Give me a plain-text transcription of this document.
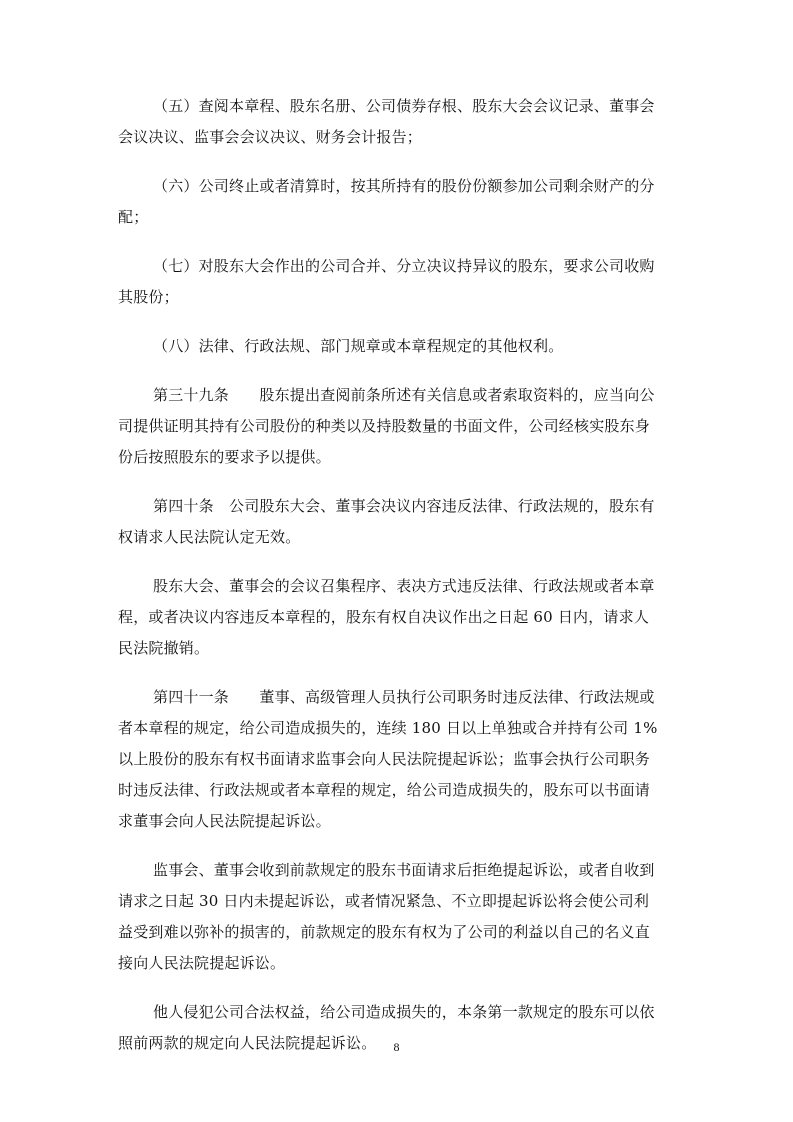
（五）查阅本章程、股东名册、公司债券存根、股东大会会议记录、董事会
会议决议、监事会会议决议、财务会计报告；

（六）公司终止或者清算时，按其所持有的股份份额参加公司剩余财产的分
配；

（七）对股东大会作出的公司合并、分立决议持异议的股东，要求公司收购
其股份；

（八）法律、行政法规、部门规章或本章程规定的其他权利。

第三十九条　　股东提出查阅前条所述有关信息或者索取资料的，应当向公
司提供证明其持有公司股份的种类以及持股数量的书面文件，公司经核实股东身
份后按照股东的要求予以提供。

第四十条　公司股东大会、董事会决议内容违反法律、行政法规的，股东有
权请求人民法院认定无效。

股东大会、董事会的会议召集程序、表决方式违反法律、行政法规或者本章
程，或者决议内容违反本章程的，股东有权自决议作出之日起 60 日内，请求人
民法院撤销。

第四十一条　　董事、高级管理人员执行公司职务时违反法律、行政法规或
者本章程的规定，给公司造成损失的，连续 180 日以上单独或合并持有公司 1%
以上股份的股东有权书面请求监事会向人民法院提起诉讼；监事会执行公司职务
时违反法律、行政法规或者本章程的规定，给公司造成损失的，股东可以书面请
求董事会向人民法院提起诉讼。

监事会、董事会收到前款规定的股东书面请求后拒绝提起诉讼，或者自收到
请求之日起 30 日内未提起诉讼，或者情况紧急、不立即提起诉讼将会使公司利
益受到难以弥补的损害的，前款规定的股东有权为了公司的利益以自己的名义直
接向人民法院提起诉讼。

他人侵犯公司合法权益，给公司造成损失的，本条第一款规定的股东可以依
照前两款的规定向人民法院提起诉讼。	8
